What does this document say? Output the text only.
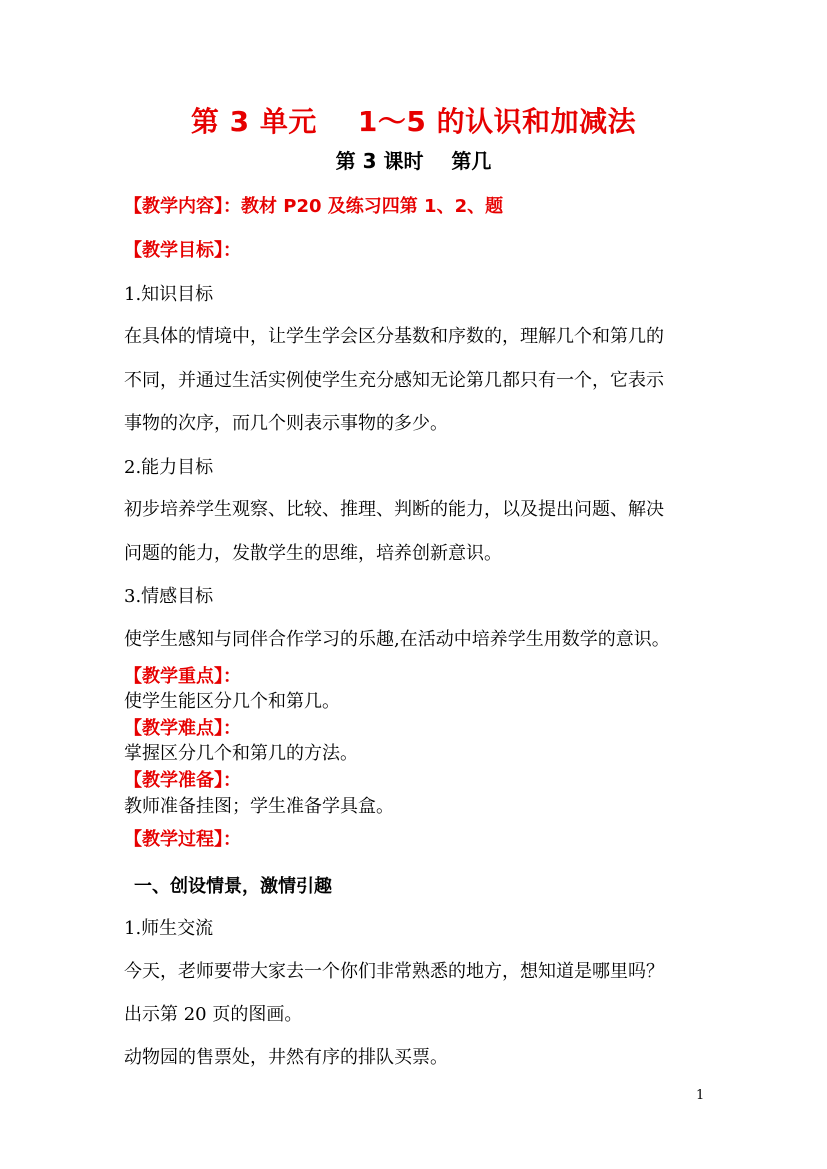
第 3 单元    1～5 的认识和加减法
第 3 课时    第几
【教学内容】：教材 P20 及练习四第 1、2、题
【教学目标】：
1.知识目标
在具体的情境中，让学生学会区分基数和序数的，理解几个和第几的
不同，并通过生活实例使学生充分感知无论第几都只有一个，它表示
事物的次序，而几个则表示事物的多少。
2.能力目标
初步培养学生观察、比较、推理、判断的能力，以及提出问题、解决
问题的能力，发散学生的思维，培养创新意识。
3.情感目标
使学生感知与同伴合作学习的乐趣,在活动中培养学生用数学的意识。
【教学重点】：
使学生能区分几个和第几。
【教学难点】：
掌握区分几个和第几的方法。
【教学准备】：
教师准备挂图；学生准备学具盒。
【教学过程】：
一、创设情景，激情引趣
1.师生交流
今天，老师要带大家去一个你们非常熟悉的地方，想知道是哪里吗？
出示第 20 页的图画。
动物园的售票处，井然有序的排队买票。
1
